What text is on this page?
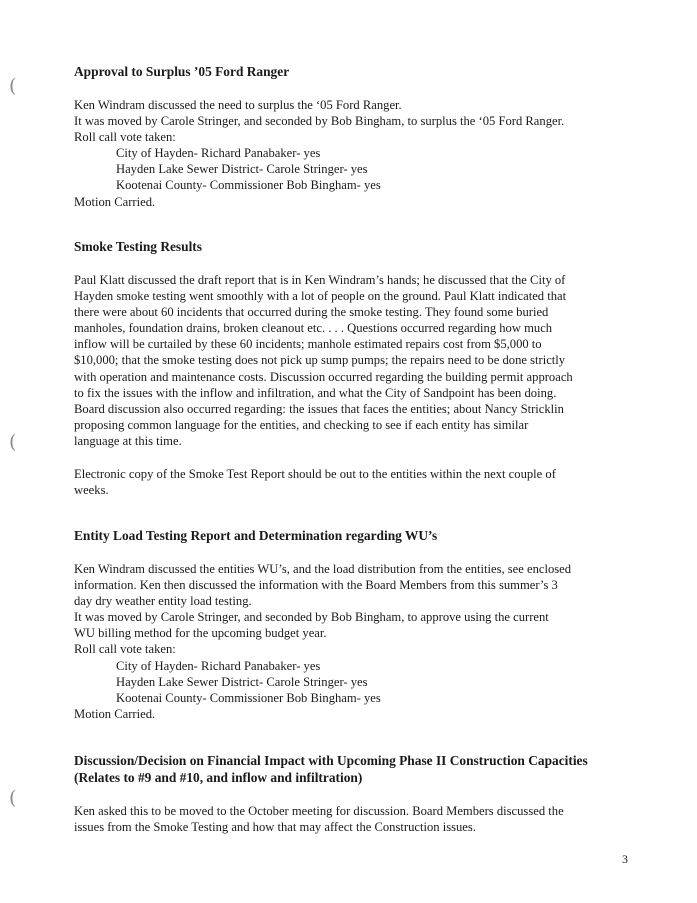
(
(
(

Approval to Surplus ’05 Ford Ranger

Ken Windram discussed the need to surplus the ‘05 Ford Ranger.

It was moved by Carole Stringer, and seconded by Bob Bingham, to surplus the ‘05 Ford Ranger.

Roll call vote taken:

City of Hayden- Richard Panabaker- yes

Hayden Lake Sewer District- Carole Stringer- yes

Kootenai County- Commissioner Bob Bingham- yes

Motion Carried.

Smoke Testing Results

Paul Klatt discussed the draft report that is in Ken Windram’s hands; he discussed that the City of

Hayden smoke testing went smoothly with a lot of people on the ground. Paul Klatt indicated that

there were about 60 incidents that occurred during the smoke testing. They found some buried

manholes, foundation drains, broken cleanout etc. . . . Questions occurred regarding how much

inflow will be curtailed by these 60 incidents; manhole estimated repairs cost from $5,000 to

$10,000; that the smoke testing does not pick up sump pumps; the repairs need to be done strictly

with operation and maintenance costs. Discussion occurred regarding the building permit approach

to fix the issues with the inflow and infiltration, and what the City of Sandpoint has been doing.

Board discussion also occurred regarding: the issues that faces the entities; about Nancy Stricklin

proposing common language for the entities, and checking to see if each entity has similar

language at this time.

Electronic copy of the Smoke Test Report should be out to the entities within the next couple of

weeks.

Entity Load Testing Report and Determination regarding WU’s

Ken Windram discussed the entities WU’s, and the load distribution from the entities, see enclosed

information. Ken then discussed the information with the Board Members from this summer’s 3

day dry weather entity load testing.

It was moved by Carole Stringer, and seconded by Bob Bingham, to approve using the current

WU billing method for the upcoming budget year.

Roll call vote taken:

City of Hayden- Richard Panabaker- yes

Hayden Lake Sewer District- Carole Stringer- yes

Kootenai County- Commissioner Bob Bingham- yes

Motion Carried.

Discussion/Decision on Financial Impact with Upcoming Phase II Construction Capacities

(Relates to #9 and #10, and inflow and infiltration)

Ken asked this to be moved to the October meeting for discussion. Board Members discussed the

issues from the Smoke Testing and how that may affect the Construction issues.

3
